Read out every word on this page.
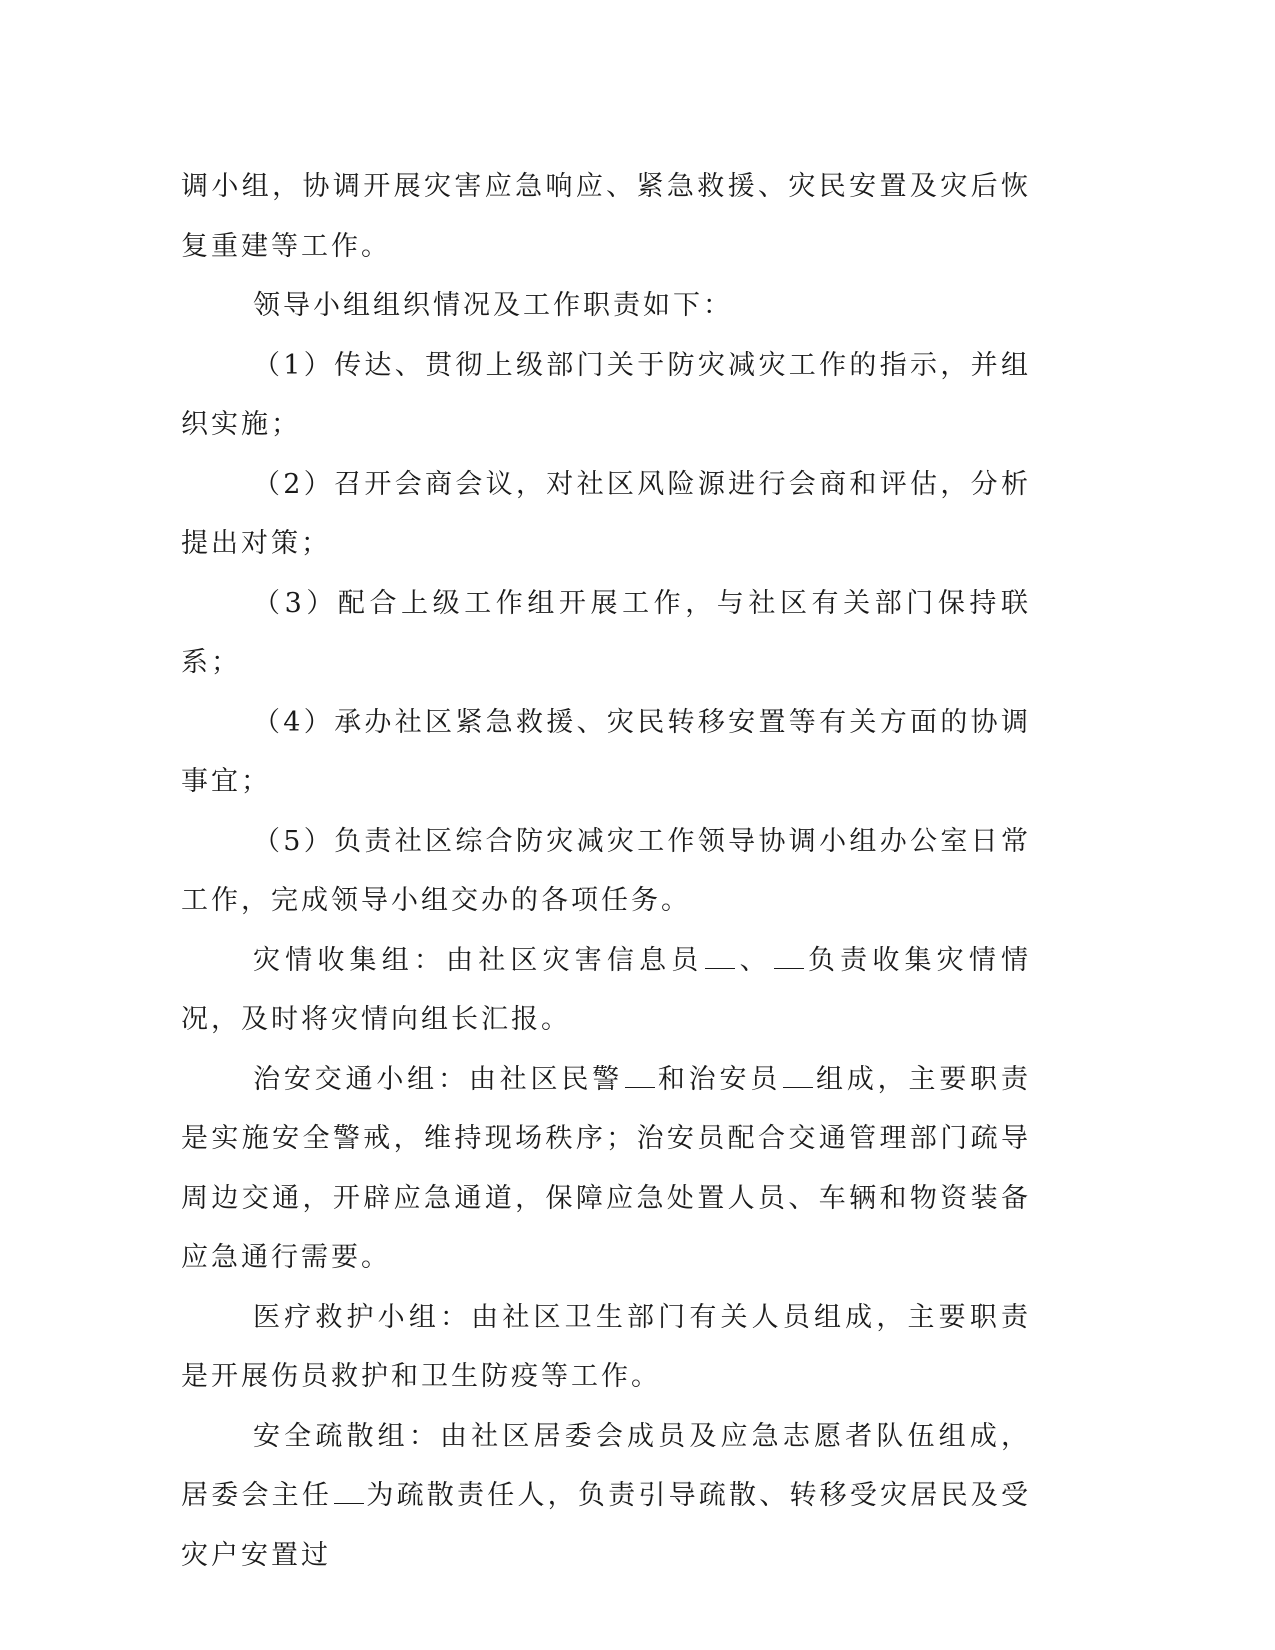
调小组，协调开展灾害应急响应、紧急救援、灾民安置及灾后恢复重建等工作。

领导小组组织情况及工作职责如下：

（1）传达、贯彻上级部门关于防灾减灾工作的指示，并组织实施；

（2）召开会商会议，对社区风险源进行会商和评估，分析提出对策；

（3）配合上级工作组开展工作，与社区有关部门保持联系；

（4）承办社区紧急救援、灾民转移安置等有关方面的协调事宜；

（5）负责社区综合防灾减灾工作领导协调小组办公室日常工作，完成领导小组交办的各项任务。

灾情收集组：由社区灾害信息员 、 负责收集灾情情况，及时将灾情向组长汇报。

治安交通小组：由社区民警 和治安员 组成，主要职责是实施安全警戒，维持现场秩序；治安员配合交通管理部门疏导周边交通，开辟应急通道，保障应急处置人员、车辆和物资装备应急通行需要。

医疗救护小组：由社区卫生部门有关人员组成，主要职责是开展伤员救护和卫生防疫等工作。

安全疏散组：由社区居委会成员及应急志愿者队伍组成，居委会主任 为疏散责任人，负责引导疏散、转移受灾居民及受灾户安置过
